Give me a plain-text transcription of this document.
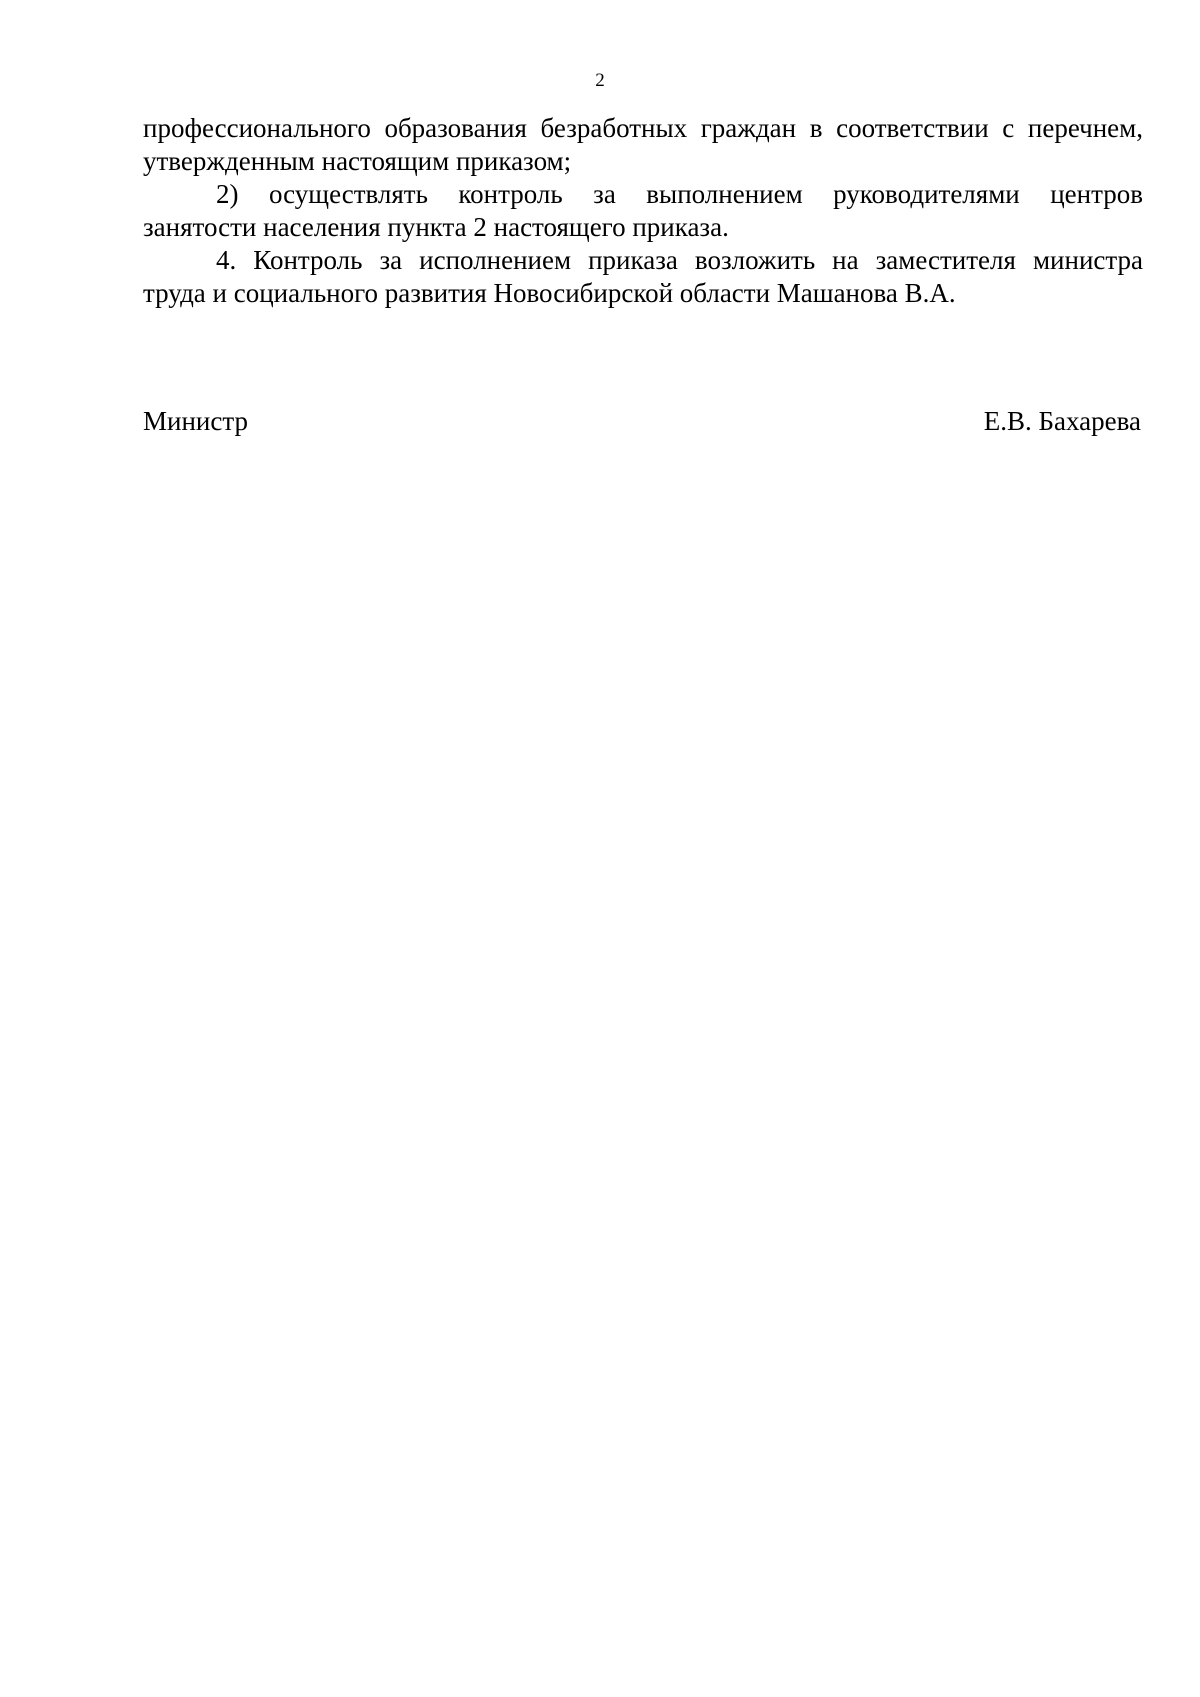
2

профессионального образования безработных граждан в соответствии с перечнем,

утвержденным настоящим приказом;

2) осуществлять контроль за выполнением руководителями центров

занятости населения пункта 2 настоящего приказа.

4. Контроль за исполнением приказа возложить на заместителя министра

труда и социального развития Новосибирской области Машанова В.А.

Министр	Е.В. Бахарева
